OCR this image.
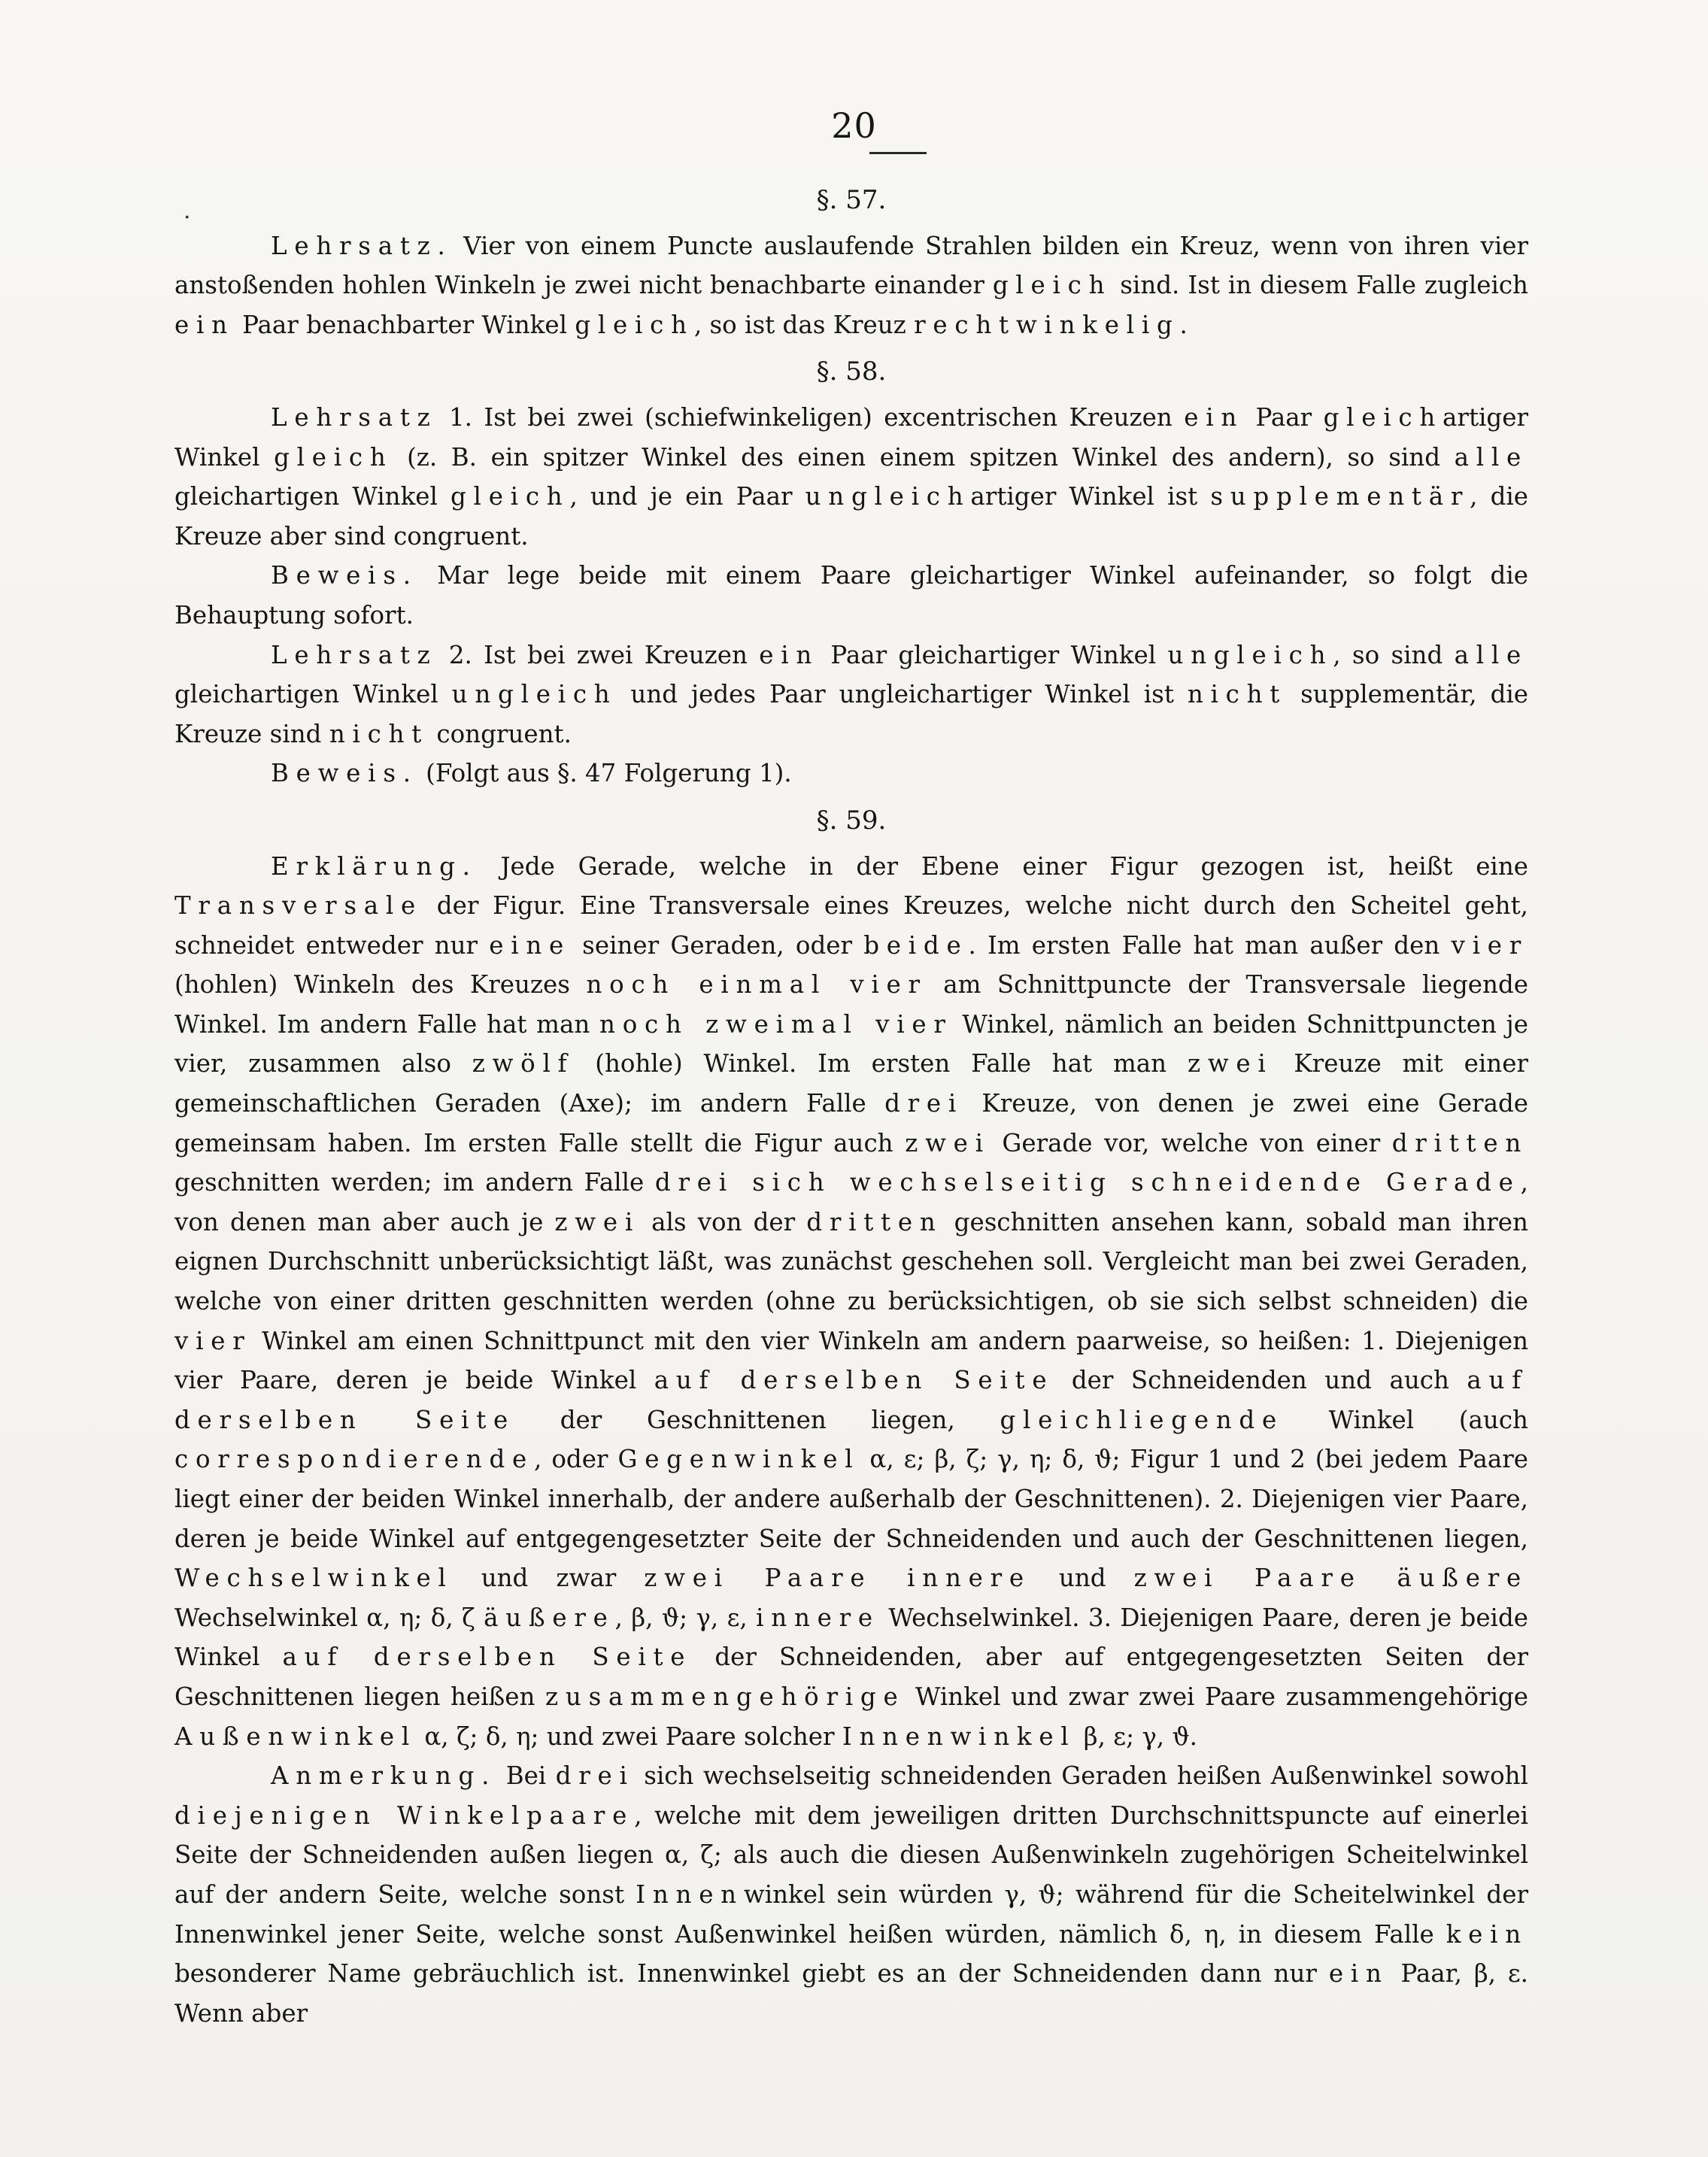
20
·
§. 57.

Lehrsatz. Vier von einem Puncte auslaufende Strahlen bilden ein Kreuz, wenn von ihren vier anstoßenden hohlen Winkeln je zwei nicht benachbarte einander gleich sind. Ist in diesem Falle zugleich ein Paar benachbarter Winkel gleich, so ist das Kreuz rechtwinkelig.

§. 58.

Lehrsatz 1. Ist bei zwei (schiefwinkeligen) excentrischen Kreuzen ein Paar gleichartiger Winkel gleich (z. B. ein spitzer Winkel des einen einem spitzen Winkel des andern), so sind alle gleichartigen Winkel gleich, und je ein Paar ungleichartiger Winkel ist supplementär, die Kreuze aber sind congruent.

Beweis. Mar lege beide mit einem Paare gleichartiger Winkel aufeinander, so folgt die Behauptung sofort.

Lehrsatz 2. Ist bei zwei Kreuzen ein Paar gleichartiger Winkel ungleich, so sind alle gleichartigen Winkel ungleich und jedes Paar ungleichartiger Winkel ist nicht supplementär, die Kreuze sind nicht congruent.

Beweis. (Folgt aus §. 47 Folgerung 1).

§. 59.

Erklärung. Jede Gerade, welche in der Ebene einer Figur gezogen ist, heißt eine Transversale der Figur. Eine Transversale eines Kreuzes, welche nicht durch den Scheitel geht, schneidet entweder nur eine seiner Geraden, oder beide. Im ersten Falle hat man außer den vier (hohlen) Winkeln des Kreuzes noch einmal vier am Schnittpuncte der Transversale liegende Winkel. Im andern Falle hat man noch zweimal vier Winkel, nämlich an beiden Schnittpuncten je vier, zusammen also zwölf (hohle) Winkel. Im ersten Falle hat man zwei Kreuze mit einer gemeinschaftlichen Geraden (Axe); im andern Falle drei Kreuze, von denen je zwei eine Gerade gemeinsam haben. Im ersten Falle stellt die Figur auch zwei Gerade vor, welche von einer dritten geschnitten werden; im andern Falle drei sich wechselseitig schneidende Gerade, von denen man aber auch je zwei als von der dritten geschnitten ansehen kann, sobald man ihren eignen Durchschnitt unberücksichtigt läßt, was zunächst geschehen soll. Vergleicht man bei zwei Geraden, welche von einer dritten geschnitten werden (ohne zu berücksichtigen, ob sie sich selbst schneiden) die vier Winkel am einen Schnittpunct mit den vier Winkeln am andern paarweise, so heißen: 1. Diejenigen vier Paare, deren je beide Winkel auf derselben Seite der Schneidenden und auch auf derselben Seite der Geschnittenen liegen, gleichliegende Winkel (auch correspondierende, oder Gegenwinkel α, ε; β, ζ; γ, η; δ, ϑ; Figur 1 und 2 (bei jedem Paare liegt einer der beiden Winkel innerhalb, der andere außerhalb der Geschnittenen). 2. Diejenigen vier Paare, deren je beide Winkel auf entgegengesetzter Seite der Schneidenden und auch der Geschnittenen liegen, Wechselwinkel und zwar zwei Paare innere und zwei Paare äußere Wechselwinkel α, η; δ, ζ äußere, β, ϑ; γ, ε, innere Wechselwinkel. 3. Diejenigen Paare, deren je beide Winkel auf derselben Seite der Schneidenden, aber auf entgegengesetzten Seiten der Geschnittenen liegen heißen zusammengehörige Winkel und zwar zwei Paare zusammengehörige Außenwinkel α, ζ; δ, η; und zwei Paare solcher Innenwinkel β, ε; γ, ϑ.

Anmerkung. Bei drei sich wechselseitig schneidenden Geraden heißen Außenwinkel sowohl diejenigen Winkelpaare, welche mit dem jeweiligen dritten Durchschnittspuncte auf einerlei Seite der Schneidenden außen liegen α, ζ; als auch die diesen Außenwinkeln zugehörigen Scheitelwinkel auf der andern Seite, welche sonst Innenwinkel sein würden γ, ϑ; während für die Scheitelwinkel der Innenwinkel jener Seite, welche sonst Außenwinkel heißen würden, nämlich δ, η, in diesem Falle kein besonderer Name gebräuchlich ist. Innenwinkel giebt es an der Schneidenden dann nur ein Paar, β, ε. Wenn aber
